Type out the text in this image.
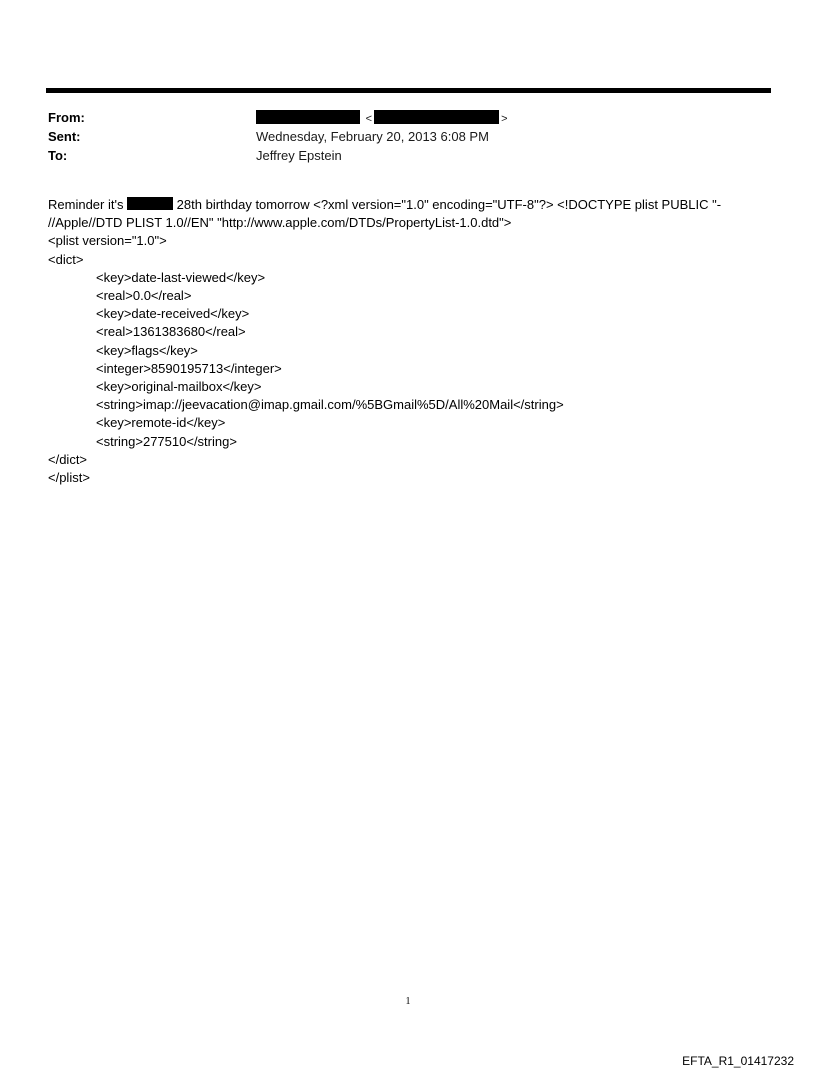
From:	<	>
Sent:	Wednesday, February 20, 2013 6:08 PM
To:	Jeffrey Epstein

Reminder it's	28th birthday tomorrow <?xml version="1.0" encoding="UTF-8"?> <!DOCTYPE plist PUBLIC "-

//Apple//DTD PLIST 1.0//EN" "http://www.apple.com/DTDs/PropertyList-1.0.dtd">

<plist version="1.0">

<dict>

<key>date-last-viewed</key>

<real>0.0</real>

<key>date-received</key>

<real>1361383680</real>

<key>flags</key>

<integer>8590195713</integer>

<key>original-mailbox</key>

<string>imap://jeevacation@imap.gmail.com/%5BGmail%5D/All%20Mail</string>

<key>remote-id</key>

<string>277510</string>

</dict>

</plist>

1
EFTA_R1_01417232
